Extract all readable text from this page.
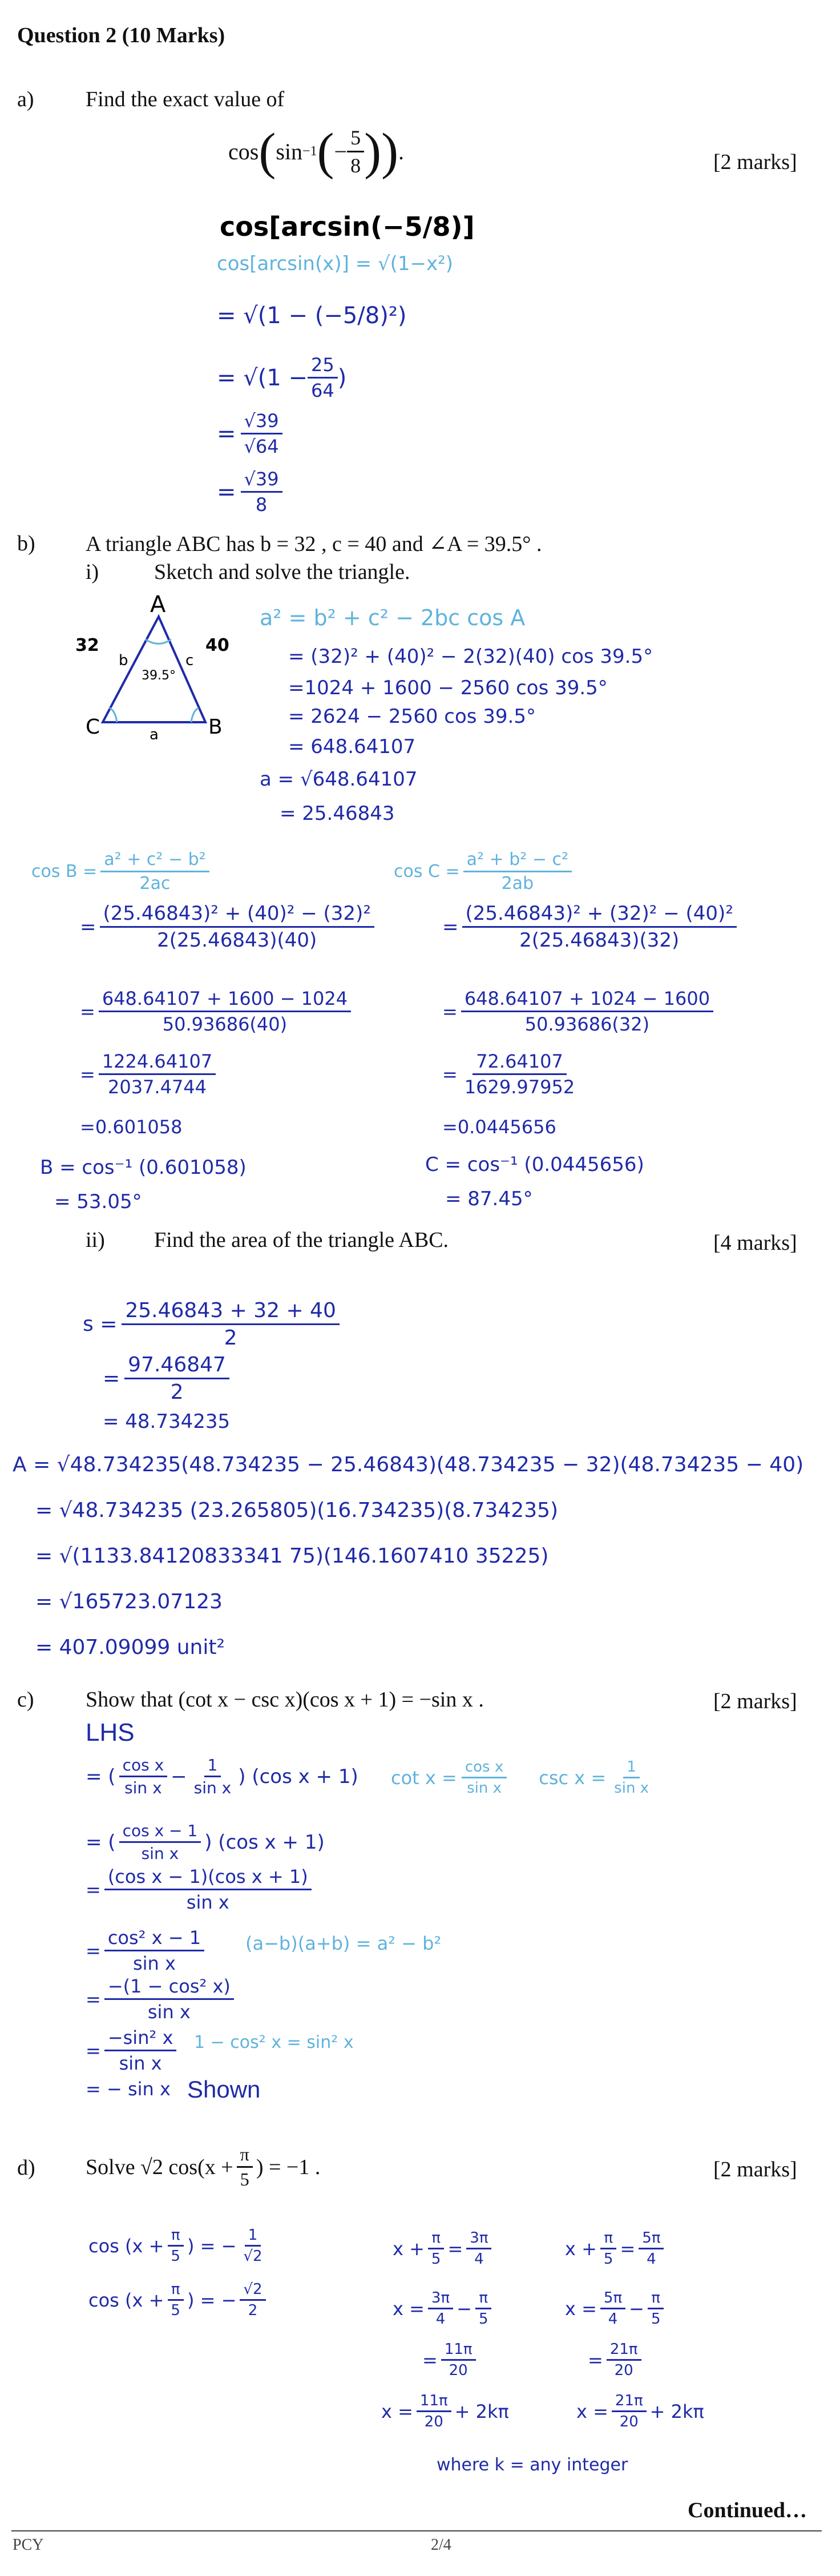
Question 2 (10 Marks)
a) Find the exact value of
cos ( sin −1 ( − $\frac{5}{8}$ )) .	[2 marks]
cos[arcsin(−5/8)]
cos[arcsin(x)] = √(1−x²)
= √(1 − (−5/8)²)
= $√(1 - \frac{25}{64}$ )
= $\frac{√39}{√64}$
= $\frac{√39}{8}$
b) A triangle ABC has b = 32 , c = 40 and ∠A = 39.5° .
i)	Sketch and solve the triangle.
A
C	B
b	c
a
32	40
39.5°
a² = b² + c² − 2bc cos A
= (32)² + (40)² − 2(32)(40) cos 39.5°
=1024 + 1600 − 2560 cos 39.5°
= 2624 − 2560 cos 39.5°
= 648.64107
a = √648.64107
= 25.46843
$\cos B = \frac{\text{a² + c² − b²}}{2ac}$
= $\frac{\text{(25.46843)² + (40)² − (32)²}}{2(25.46843)(40)}$
= $\frac{648.64107 + 1600 - 1024}{50.93686(40)}$
= $\frac{1224.64107}{2037.4744}$
=0.601058
B = cos⁻¹ (0.601058)
= 53.05°
$\cos C = \frac{\text{a² + b² − c²}}{2ab}$
= $\frac{\text{(25.46843)² + (32)² − (40)²}}{2(25.46843)(32)}$
= $\frac{648.64107 + 1024 - 1600}{50.93686(32)}$
= $\frac{72.64107}{1629.97952}$
=0.0445656
C = cos⁻¹ (0.0445656)
= 87.45°
ii) Find the area of the triangle ABC.	[4 marks]
$s = \frac{25.46843 + 32 + 40}{2}$
= $\frac{97.46847}{2}$
= 48.734235
A = √48.734235(48.734235 − 25.46843)(48.734235 − 32)(48.734235 − 40)
= √48.734235 (23.265805)(16.734235)(8.734235)
= √(1133.84120833341 75)(146.1607410 35225)
= √165723.07123
= 407.09099 unit²
c) Show that (cot x − csc x)(cos x + 1) = −sin x .	[2 marks]
LHS
= ( $\frac{\text{cos x}}{\text{sin x}} - \frac{1}{\text{sin x}}$ ) (cos x + 1) $\cot x = \frac{\text{cos x}}{\text{sin x}}$ $\csc x = \frac{1}{\text{sin x}}$
= ( $\frac{\text{cos x − 1}}{\text{sin x}}$ ) (cos x + 1)
= $\frac{\text{(cos x − 1)(cos x + 1)}}{\text{sin x}}$
= $\frac{\text{cos² x − 1}}{\text{sin x}} (a-b)(a+b) = a^2 - b^2$
= $\frac{\text{−(1 − cos² x)}}{\text{sin x}}$
= $\frac{\text{−sin² x}}{\text{sin x}} 1 - \cos^2$ x = sin² x
= − sin x Shown
d) Solve √2 $\cos(x + \frac{\pi}{5}$ ) = −1 .	[2 marks]
$\cos (x + \frac{\pi}{5}$ ) = − $\frac{1}{√2}$
$\cos (x + \frac{\pi}{5}$ ) = − $\frac{√2}{2}$
$x + \frac{\pi}{5} = \frac{3\pi}{4}$
$x = \frac{3\pi}{4} - \frac{\pi}{5}$
= $\frac{11\pi}{20}$
$x = \frac{11\pi}{20} + 2k\pi$
$x + \frac{\pi}{5} = \frac{5\pi}{4}$
$x = \frac{5\pi}{4} - \frac{\pi}{5}$
= $\frac{21\pi}{20}$
$x = \frac{21\pi}{20} + 2k\pi$
where k = any integer
Continued…
PCY	2/4
